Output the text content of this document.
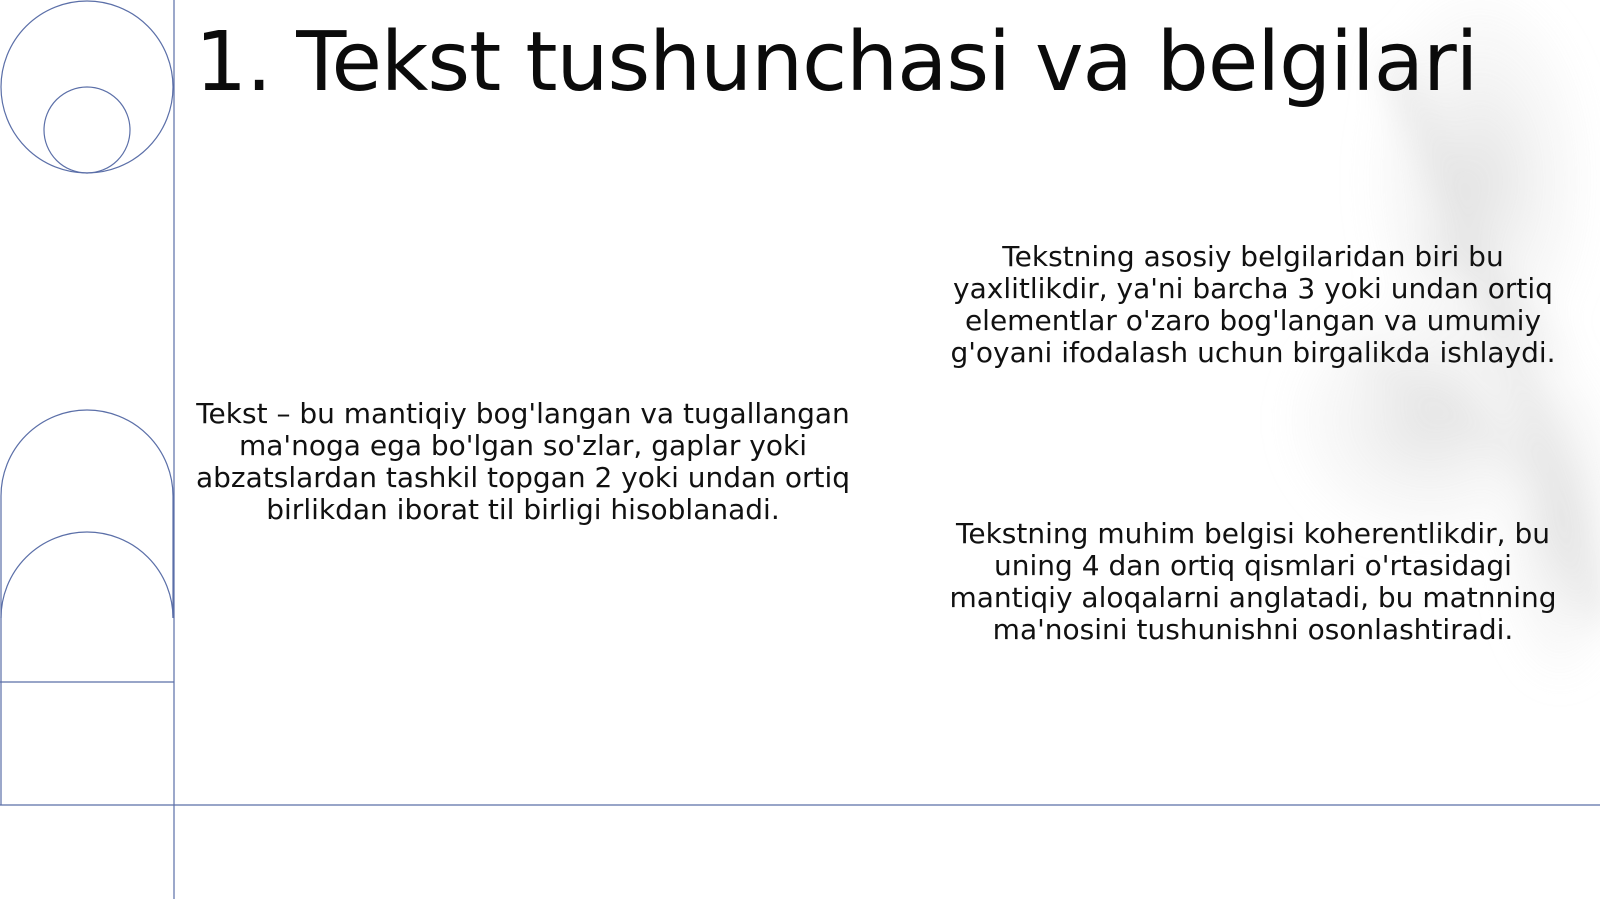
1. Tekst tushunchasi va belgilari

Tekst – bu mantiqiy bog'langan va tugallangan ma'noga ega bo'lgan so'zlar, gaplar yoki abzatslardan tashkil topgan 2 yoki undan ortiq birlikdan iborat til birligi hisoblanadi.

Tekstning asosiy belgilaridan biri bu yaxlitlikdir, ya'ni barcha 3 yoki undan ortiq elementlar o'zaro bog'langan va umumiy g'oyani ifodalash uchun birgalikda ishlaydi.

Tekstning muhim belgisi koherentlikdir, bu uning 4 dan ortiq qismlari o'rtasidagi mantiqiy aloqalarni anglatadi, bu matnning ma'nosini tushunishni osonlashtiradi.
